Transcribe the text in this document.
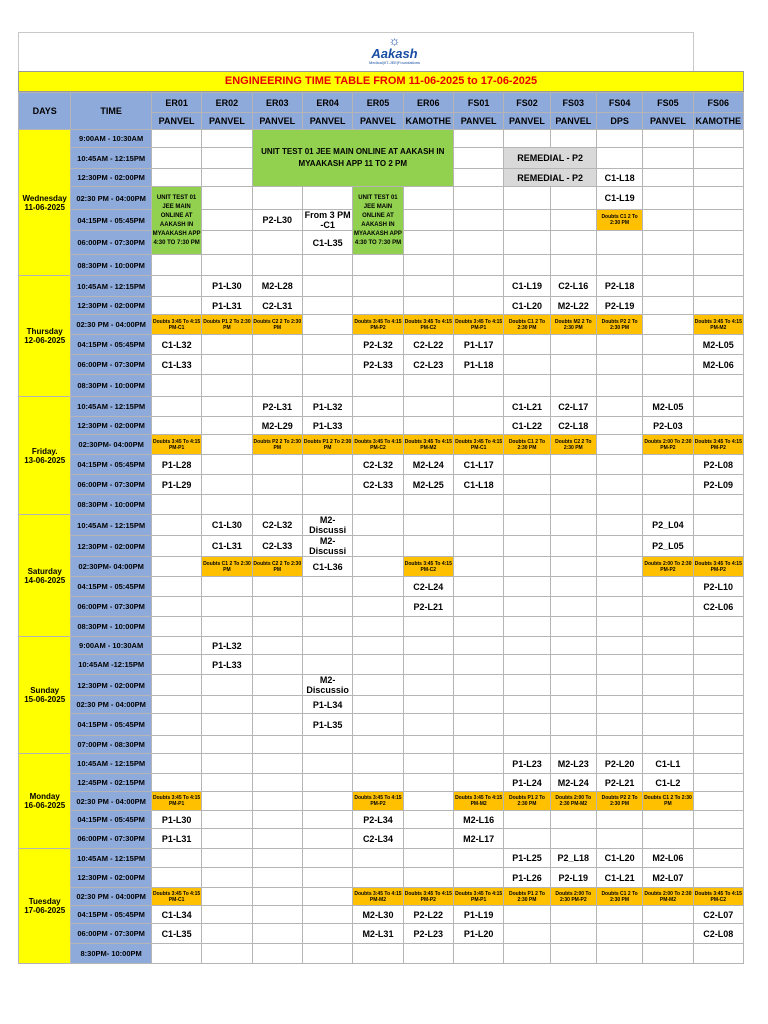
☼
Aakash
Medical|IIT-JEE|Foundations
ENGINEERING TIME TABLE FROM 11-06-2025 to 17-06-2025
DAYS	TIME	ER01	ER02	ER03	ER04	ER05	ER06	FS01	FS02	FS03	FS04	FS05	FS06
		PANVEL	PANVEL	PANVEL	PANVEL	PANVEL	KAMOTHE	PANVEL	PANVEL	PANVEL	DPS	PANVEL	KAMOTHE

Wednesday
11-06-2025	9:00AM - 10:30AM			UNIT TEST 01 JEE MAIN ONLINE AT AAKASH IN MYAAKASH APP 11 TO 2 PM									
	10:45AM - 12:15PM								REMEDIAL - P2				
	12:30PM - 02:00PM								REMEDIAL - P2		C1-L18		
	02:30 PM - 04:00PM	UNIT TEST 01 JEE MAIN ONLINE AT AAKASH IN MYAAKASH APP 4:30 TO 7:30 PM				UNIT TEST 01 JEE MAIN ONLINE AT AAKASH IN MYAAKASH APP 4:30 TO 7:30 PM					C1-L19		
	04:15PM - 05:45PM			P2-L30	From 3 PM -C1						Doubts C1 2 To 2:30 PM		
	06:00PM - 07:30PM				C1-L35								
	08:30PM - 10:00PM												

Thursday
12-06-2025	10:45AM - 12:15PM		P1-L30	M2-L28					C1-L19	C2-L16	P2-L18		
	12:30PM - 02:00PM		P1-L31	C2-L31					C1-L20	M2-L22	P2-L19		
	02:30 PM - 04:00PM	Doubts 3:45 To 4:15 PM-C1	Doubts P1 2 To 2:30 PM	Doubts C2 2 To 2:30 PM		Doubts 3:45 To 4:15 PM-P2	Doubts 3:45 To 4:15 PM-C2	Doubts 3:45 To 4:15 PM-P1	Doubts C1 2 To 2:30 PM	Doubts M2 2 To 2:30 PM	Doubts P2 2 To 2:30 PM		Doubts 3:45 To 4:15 PM-M2
	04:15PM - 05:45PM	C1-L32				P2-L32	C2-L22	P1-L17					M2-L05
	06:00PM - 07:30PM	C1-L33				P2-L33	C2-L23	P1-L18					M2-L06
	08:30PM - 10:00PM												

Friday.
13-06-2025	10:45AM - 12:15PM			P2-L31	P1-L32				C1-L21	C2-L17		M2-L05	
	12:30PM - 02:00PM			M2-L29	P1-L33				C1-L22	C2-L18		P2-L03	
	02:30PM- 04:00PM	Doubts 3:45 To 4:15 PM-P1		Doubts P2 2 To 2:30 PM	Doubts P1 2 To 2:30 PM	Doubts 3:45 To 4:15 PM-C2	Doubts 3:45 To 4:15 PM-M2	Doubts 3:45 To 4:15 PM-C1	Doubts C1 2 To 2:30 PM	Doubts C2 2 To 2:30 PM		Doubts 2:00 To 2:30 PM-P2	Doubts 3:45 To 4:15 PM-P2
	04:15PM - 05:45PM	P1-L28				C2-L32	M2-L24	C1-L17					P2-L08
	06:00PM - 07:30PM	P1-L29				C2-L33	M2-L25	C1-L18					P2-L09
	08:30PM - 10:00PM												

Saturday
14-06-2025	10:45AM - 12:15PM		C1-L30	C2-L32	M2-Discussi							P2_L04	
	12:30PM - 02:00PM		C1-L31	C2-L33	M2-Discussi							P2_L05	
	02:30PM- 04:00PM		Doubts C1 2 To 2:30 PM	Doubts C2 2 To 2:30 PM	C1-L36		Doubts 3:45 To 4:15 PM-C2					Doubts 2:00 To 2:30 PM-P2	Doubts 3:45 To 4:15 PM-P2
	04:15PM - 05:45PM						C2-L24						P2-L10
	06:00PM - 07:30PM						P2-L21						C2-L06
	08:30PM - 10:00PM												

Sunday
15-06-2025	9:00AM - 10:30AM		P1-L32										
	10:45AM -12:15PM		P1-L33										
	12:30PM - 02:00PM				M2-Discussio								
	02:30 PM - 04:00PM				P1-L34								
	04:15PM - 05:45PM				P1-L35								
	07:00PM - 08:30PM												

Monday
16-06-2025	10:45AM - 12:15PM								P1-L23	M2-L23	P2-L20	C1-L1	
	12:45PM - 02:15PM								P1-L24	M2-L24	P2-L21	C1-L2	
	02:30 PM - 04:00PM	Doubts 3:45 To 4:15 PM-P1				Doubts 3:45 To 4:15 PM-P2		Doubts 3:45 To 4:15 PM-M2	Doubts P1 2 To 2:30 PM	Doubts 2:00 To 2:30 PM-M2	Doubts P2 2 To 2:30 PM	Doubts C1 2 To 2:30 PM	
	04:15PM - 05:45PM	P1-L30				P2-L34		M2-L16					
	06:00PM - 07:30PM	P1-L31				C2-L34		M2-L17					

Tuesday
17-06-2025	10:45AM - 12:15PM								P1-L25	P2_L18	C1-L20	M2-L06	
	12:30PM - 02:00PM								P1-L26	P2-L19	C1-L21	M2-L07	
	02:30 PM - 04:00PM	Doubts 3:45 To 4:15 PM-C1				Doubts 3:45 To 4:15 PM-M2	Doubts 3:45 To 4:15 PM-P2	Doubts 3:45 To 4:15 PM-P1	Doubts P1 2 To 2:30 PM	Doubts 2:00 To 2:30 PM-P2	Doubts C1 2 To 2:30 PM	Doubts 2:00 To 2:30 PM-M2	Doubts 3:45 To 4:15 PM-C2
	04:15PM - 05:45PM	C1-L34				M2-L30	P2-L22	P1-L19					C2-L07
	06:00PM - 07:30PM	C1-L35				M2-L31	P2-L23	P1-L20					C2-L08
	8:30PM- 10:00PM												
